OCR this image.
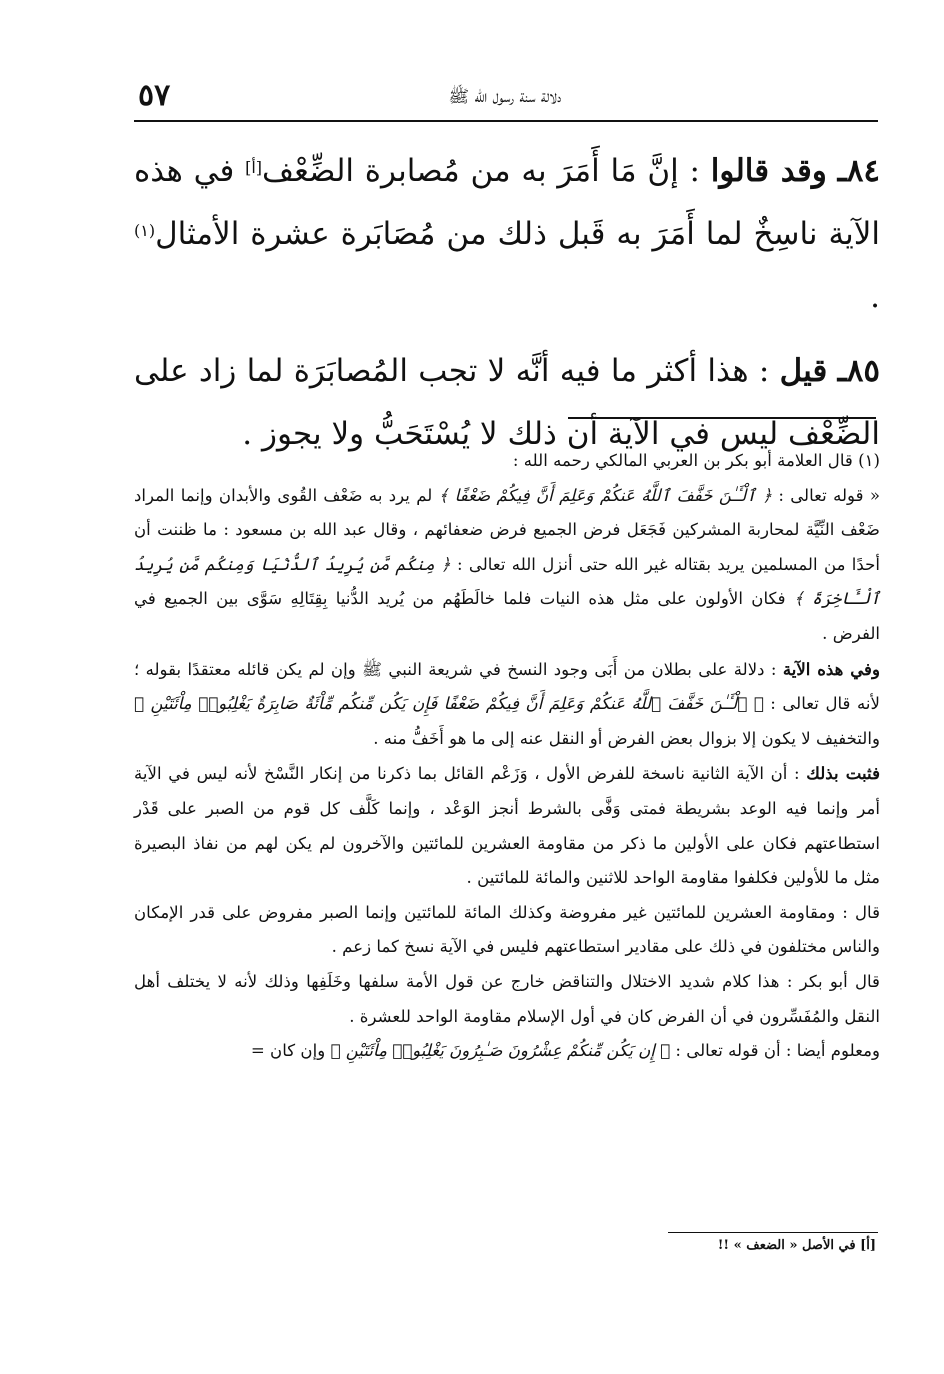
٥٧	دلالة سنة رسول الله ﷺ

٨٤ـ وقد قالوا : إنَّ مَا أَمَرَ به من مُصابرة الضِّعْف[أ] في هذه الآية ناسِخٌ لما أَمَرَ به قَبل ذلك من مُصَابَرة عشرة الأمثال$^{(١)}$ .

٨٥ـ قيل : هذا أكثر ما فيه أنَّه لا تجب المُصابَرَة لما زاد على الضِّعْف ليس في الآية أن ذلك لا يُسْتَحَبُّ ولا يجوز .

(١) قال العلامة أبو بكر بن العربي المالكي رحمه الله :

« قوله تعالى : ﴿ ٱلْـَٔـٰنَ خَفَّفَ ٱللَّهُ عَنكُمْ وَعَلِمَ أَنَّ فِيكُمْ ضَعْفًا ﴾ لم يرد به ضَعْف القُوى والأبدان وإنما المراد ضَعْف النِّيَّة لمحاربة المشركين فَجَعَل فرض الجميع فرض ضعفائهم ، وقال عبد الله بن مسعود : ما ظننت أن أحدًا من المسلمين يريد بقتاله غير الله حتى أنزل الله تعالى : ﴿ مِنكُم مَّن يُرِيدُ ٱلدُّنْيَا وَمِنكُم مَّن يُرِيدُ ٱلْـَٔاخِرَةَ ﴾ فكان الأولون على مثل هذه النيات فلما خالَطَهُم من يُريد الدُّنيا بِقِتَالِهِ سَوَّى بين الجميع في الفرض .

وفي هذه الآية : دلالة على بطلان من أَبَى وجود النسخ في شريعة النبي ﷺ وإن لم يكن قائله معتقدًا بقوله ؛ لأنه قال تعالى : ﴿ ٱلْـَٔـٰنَ خَفَّفَ ٱللَّهُ عَنكُمْ وَعَلِمَ أَنَّ فِيكُمْ ضَعْفًا فَإِن يَكُن مِّنكُم مِّاْئَةٌ صَابِرَةٌ يَغْلِبُوا۟ مِاْئَتَيْنِ ﴾ والتخفيف لا يكون إلا بزوال بعض الفرض أو النقل عنه إلى ما هو أَخَفُّ منه .

فثبت بذلك : أن الآية الثانية ناسخة للفرض الأول ، وَزَعْم القائل بما ذكرنا من إنكار النَّسْخ لأنه ليس في الآية أمر وإنما فيه الوعد بشريطة فمتى وَفَّى بالشرط أنجز الوَعْد ، وإنما كَلَّف كل قوم من الصبر على قَدْر استطاعتهم فكان على الأولين ما ذكر من مقاومة العشرين للمائتين والآخرون لم يكن لهم من نفاذ البصيرة مثل ما للأولين فكلفوا مقاومة الواحد للاثنين والمائة للمائتين .

قال : ومقاومة العشرين للمائتين غير مفروضة وكذلك المائة للمائتين وإنما الصبر مفروض على قدر الإمكان والناس مختلفون في ذلك على مقادير استطاعتهم فليس في الآية نسخ كما زعم .

قال أبو بكر : هذا كلام شديد الاختلال والتناقض خارج عن قول الأمة سلفها وخَلَفِها وذلك لأنه لا يختلف أهل النقل والمُفَسِّرون في أن الفرض كان في أول الإسلام مقاومة الواحد للعشرة .

ومعلوم أيضا : أن قوله تعالى : ﴿ إِن يَكُن مِّنكُمْ عِشْرُونَ صَـٰبِرُونَ يَغْلِبُوا۟ مِاْئَتَيْنِ ﴾ وإن كان =

[أ] في الأصل « الضعف » !!
